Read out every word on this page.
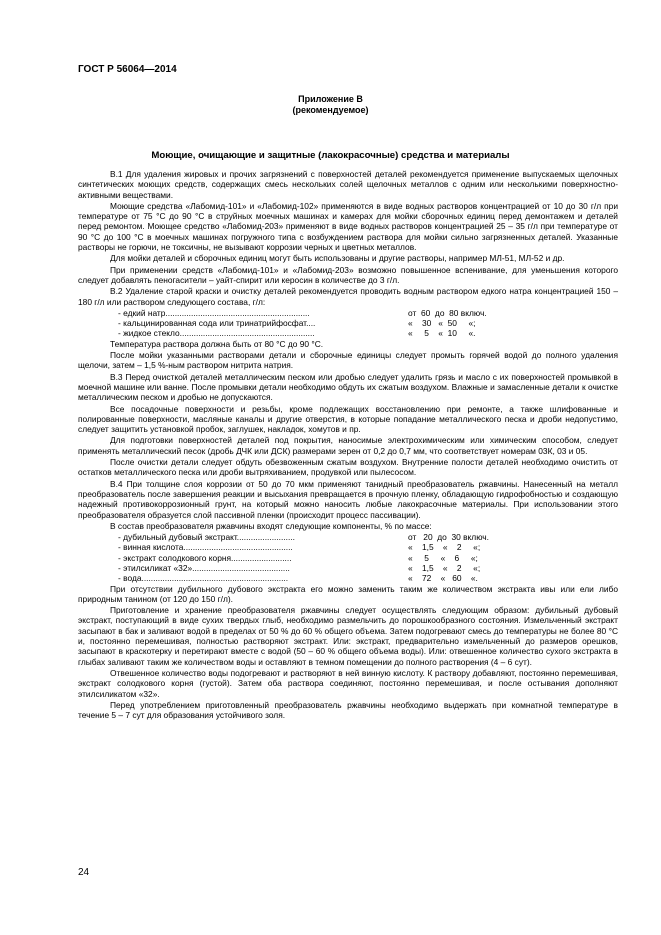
ГОСТ Р 56064—2014
Приложение В
(рекомендуемое)
Моющие, очищающие и защитные (лакокрасочные) средства и материалы

В.1 Для удаления жировых и прочих загрязнений с поверхностей деталей рекомендуется применение выпускаемых щелочных синтетических моющих средств, содержащих смесь нескольких солей щелочных металлов с одним или несколькими поверхностно-активными веществами.

Моющие средства «Лабомид-101» и «Лабомид-102» применяются в виде водных растворов концентрацией от 10 до 30 г/л при температуре от 75 °С до 90 °С в струйных моечных машинах и камерах для мойки сборочных единиц перед демонтажем и деталей перед ремонтом. Моющее средство «Лабомид-203» применяют в виде водных растворов концентрацией 25 – 35 г/л при температуре от 90 °С до 100 °С в моечных машинах погружного типа с возбуждением раствора для мойки сильно загрязненных деталей. Указанные растворы не горючи, не токсичны, не вызывают коррозии черных и цветных металлов.

Для мойки деталей и сборочных единиц могут быть использованы и другие растворы, например МЛ-51, МЛ-52 и др.

При применении средств «Лабомид-101» и «Лабомид-203» возможно повышенное вспенивание, для уменьшения которого следует добавлять пеногасители – уайт-спирит или керосин в количестве до 3 г/л.

В.2 Удаление старой краски и очистку деталей рекомендуется проводить водным раствором едкого натра концентрацией 150 – 180 г/л или раствором следующего состава, г/л:

- едкий натр..............................................................	от  60  до  80 включ.
- кальцинированная сода или тринатрийфосфат....	«    30   «  50     «;
- жидкое стекло..........................................................	«     5    «  10     «.

Температура раствора должна быть от 80 °С до 90 °С.

После мойки указанными растворами детали и сборочные единицы следует промыть горячей водой до полного удаления щелочи, затем – 1,5 %-ным раствором нитрита натрия.

В.3 Перед очисткой деталей металлическим песком или дробью следует удалить грязь и масло с их поверхностей промывкой в моечной машине или ванне. После промывки детали необходимо обдуть их сжатым воздухом. Влажные и замасленные детали к очистке металлическим песком и дробью не допускаются.

Все посадочные поверхности и резьбы, кроме подлежащих восстановлению при ремонте, а также шлифованные и полированные поверхности, масляные каналы и другие отверстия, в которые попадание металлического песка и дроби недопустимо, следует защитить установкой пробок, заглушек, накладок, хомутов и пр.

Для подготовки поверхностей деталей под покрытия, наносимые электрохимическим или химическим способом, следует применять металлический песок (дробь ДЧК или ДСК) размерами зерен от 0,2 до 0,7 мм, что соответствует номерам 03К, 03 и 05.

После очистки детали следует обдуть обезвоженным сжатым воздухом. Внутренние полости деталей необходимо очистить от остатков металлического песка или дроби вытряхиванием, продувкой или пылесосом.

В.4 При толщине слоя коррозии от 50 до 70 мкм применяют танидный преобразователь ржавчины. Нанесенный на металл преобразователь после завершения реакции и высыхания превращается в прочную пленку, обладающую гидрофобностью и создающую надежный противокоррозионный грунт, на который можно наносить любые лакокрасочные материалы. При использовании этого преобразователя образуется слой пассивной пленки (происходит процесс пассивации).

В состав преобразователя ржавчины входят следующие компоненты, % по массе:

- дубильный дубовый экстракт.........................	от   20  до  30 включ.
- винная кислота...............................................	«    1,5    «    2     «;
- экстракт солодкового корня..........................	«     5     «    6     «;
- этилсиликат «32»..........................................	«    1,5    «    2     «;
- вода...............................................................	«    72    «   60    «.

При отсутствии дубильного дубового экстракта его можно заменить таким же количеством экстракта ивы или ели либо природным танином (от 120 до 150 г/л).

Приготовление и хранение преобразователя ржавчины следует осуществлять следующим образом: дубильный дубовый экстракт, поступающий в виде сухих твердых глыб, необходимо размельчить до порошкообразного состояния. Измельченный экстракт засыпают в бак и заливают водой в пределах от 50 % до 60 % общего объема. Затем подогревают смесь до температуры не более 80 °С и, постоянно перемешивая, полностью растворяют экстракт. Или: экстракт, предварительно измельченный до размеров орешков, засыпают в краскотерку и перетирают вместе с водой (50 – 60 % общего объема воды). Или: отвешенное количество сухого экстракта в глыбах заливают таким же количеством воды и оставляют в темном помещении до полного растворения (4 – 6 сут).

Отвешенное количество воды подогревают и растворяют в ней винную кислоту. К раствору добавляют, постоянно перемешивая, экстракт солодкового корня (густой). Затем оба раствора соединяют, постоянно перемешивая, и после остывания дополняют этилсиликатом «32».

Перед употреблением приготовленный преобразователь ржавчины необходимо выдержать при комнатной температуре в течение 5 – 7 сут для образования устойчивого золя.

24
